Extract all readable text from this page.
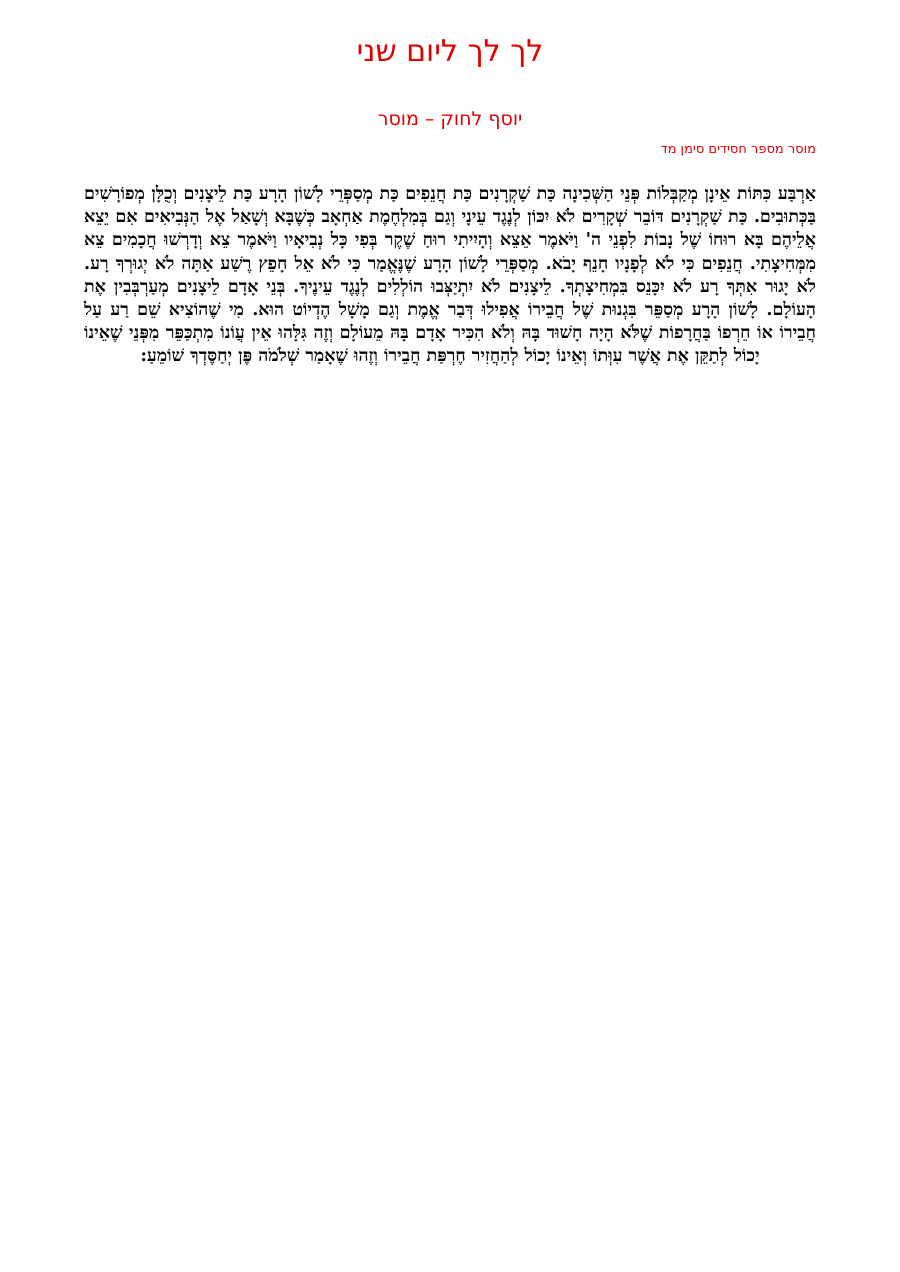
לך לך ליום שני
יוסף לחוק – מוסר
מוסר מספר חסידים סימן מד
אַרְבַּע כִּתּוֹת אֵינָן מְקַבְּלוֹת פְּנֵי הַשְּׁכִינָה כַּת שַׁקְרָנִים כַּת חֲנֵפִים כַּת מְסַפְּרֵי לָשׁוֹן הָרָע כַּת לֵיצָנִים וְכֻלָּן מְפוֹרָשִׁים בַּכְּתוּבִים. כַּת שַׁקְרָנִים דּוֹבֵר שְׁקָרִים לֹא יִכּוֹן לְנֶגֶד עֵינָי וְגַם בְּמִלְחֶמֶת אַחְאָב כְּשֶׁבָּא וְשָׁאַל אֶל הַנְּבִיאִים אִם יֵצֵא אֲלֵיהֶם בָּא רוּחוֹ שֶׁל נָבוֹת לִפְנֵי ה' וַיֹּאמֶר אֵצֵא וְהָיִיתִי רוּחַ שֶׁקֶר בְּפִי כָּל נְבִיאָיו וַיֹּאמֶר צֵא וְדָרְשׁוּ חֲכָמִים צֵא מִמְּחִיצָתִי. חֲנֵפִים כִּי לֹא לְפָנָיו חָנֵף יָבֹא. מְסַפְּרֵי לָשׁוֹן הָרָע שֶׁנֶּאֱמַר כִּי לֹא אֵל חָפֵץ רֶשַׁע אַתָּה לֹא יְגוּרְךָ רָע. לֹא יָגוּר אִתְּךָ רָע לֹא יִכָּנֵס בִּמְחִיצָתְךָ. לֵיצָנִים לֹא יִתְיַצְּבוּ הוֹלְלִים לְנֶגֶד עֵינֶיךָ. בְּנֵי אָדָם לֵיצָנִים מְעַרְבְּבִין אֶת הָעוֹלָם. לָשׁוֹן הָרָע מְסַפֵּר בִּגְנוּת שֶׁל חֲבֵירוֹ אֲפִילוּ דְּבַר אֱמֶת וְגַם מָשָׁל הֶדְיוֹט הוּא. מִי שֶׁהוֹצִיא שֵׁם רַע עַל חֲבֵירוֹ אוֹ חֵרְפוֹ בַּחֲרָפוֹת שֶׁלֹּא הָיָה חָשׁוּד בָּהּ וְלֹא הִכִּיר אָדָם בָּהּ מֵעוֹלָם וְזֶה גִּלָּהוּ אֵין עֲוֹנוֹ מִתְכַּפֵּר מִפְּנֵי שֶׁאֵינוֹ יָכוֹל לְתַקֵּן אֶת אֲשֶׁר עִוְּתוֹ וְאֵינוֹ יָכוֹל לְהַחֲזִיר חֶרְפַּת חֲבֵירוֹ וְזֶהוּ שֶׁאָמַר שְׁלֹמֹה פֶּן יְחַסֶּדְךָ שׁוֹמֵעַ:
